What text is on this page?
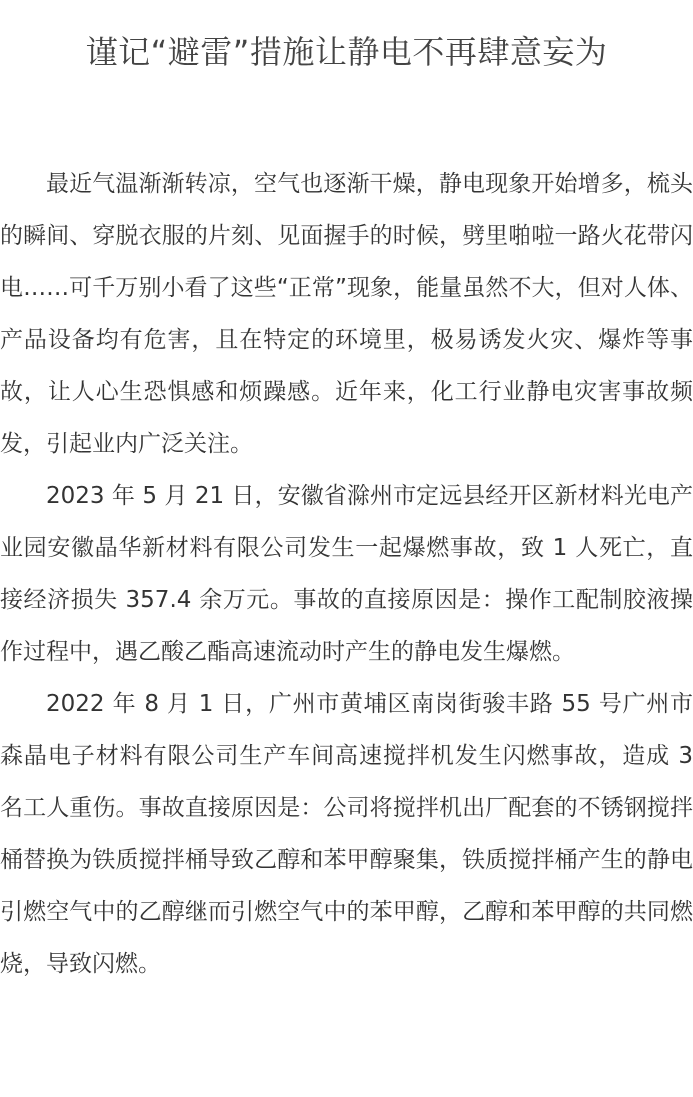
谨记“避雷”措施让静电不再肆意妄为

最近气温渐渐转凉，空气也逐渐干燥，静电现象开始增多，梳头的瞬间、穿脱衣服的片刻、见面握手的时候，劈里啪啦一路火花带闪电……可千万别小看了这些“正常”现象，能量虽然不大，但对人体、产品设备均有危害，且在特定的环境里，极易诱发火灾、爆炸等事故，让人心生恐惧感和烦躁感。近年来，化工行业静电灾害事故频发，引起业内广泛关注。

2023 年 5 月 21 日，安徽省滁州市定远县经开区新材料光电产业园安徽晶华新材料有限公司发生一起爆燃事故，致 1 人死亡，直接经济损失 357.4 余万元。事故的直接原因是：操作工配制胶液操作过程中，遇乙酸乙酯高速流动时产生的静电发生爆燃。

2022 年 8 月 1 日，广州市黄埔区南岗街骏丰路 55 号广州市森晶电子材料有限公司生产车间高速搅拌机发生闪燃事故，造成 3 名工人重伤。事故直接原因是：公司将搅拌机出厂配套的不锈钢搅拌桶替换为铁质搅拌桶导致乙醇和苯甲醇聚集，铁质搅拌桶产生的静电引燃空气中的乙醇继而引燃空气中的苯甲醇，乙醇和苯甲醇的共同燃烧，导致闪燃。
